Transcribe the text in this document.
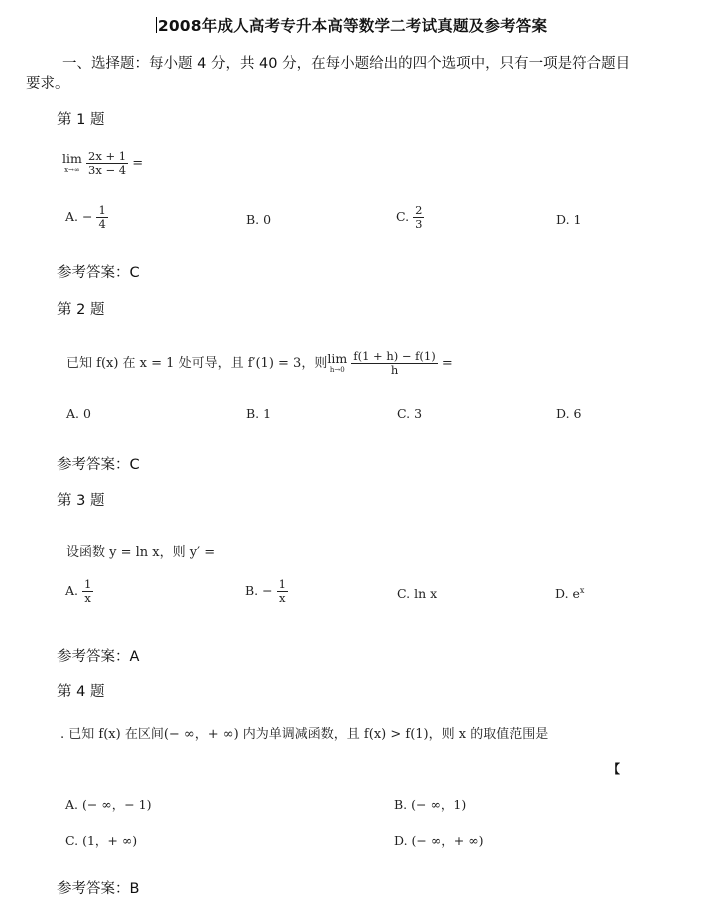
2008年成人高考专升本高等数学二考试真题及参考答案
一、选择题：每小题 4 分，共 40 分，在每小题给出的四个选项中，只有一项是符合题目
要求。
第 1 题
lim
x→∞
$\frac{2x + 1}{3x - 4}$ =
A. − $\frac{1}{4}$	B. 0	C. $\frac{2}{3}$	D. 1
参考答案：C
第 2 题
已知 f(x) 在 x = 1 处可导，且 f′(1) = 3，则 lim
h→0
$\frac{f(1 + h) - f(1)}{h}$ =
A. 0	B. 1	C. 3	D. 6
参考答案：C
第 3 题
设函数 y = ln x，则 y′ =
A. $\frac{1}{x}$	B. − $\frac{1}{x}$	C. ln x	D. $e^x$
参考答案：A
第 4 题
. 已知 f(x) 在区间(− ∞，+ ∞) 内为单调减函数，且 f(x) > f(1)，则 x 的取值范围是
【
A. (− ∞，− 1)	B. (− ∞，1)
C. (1，+ ∞)	D. (− ∞，+ ∞)
参考答案：B
